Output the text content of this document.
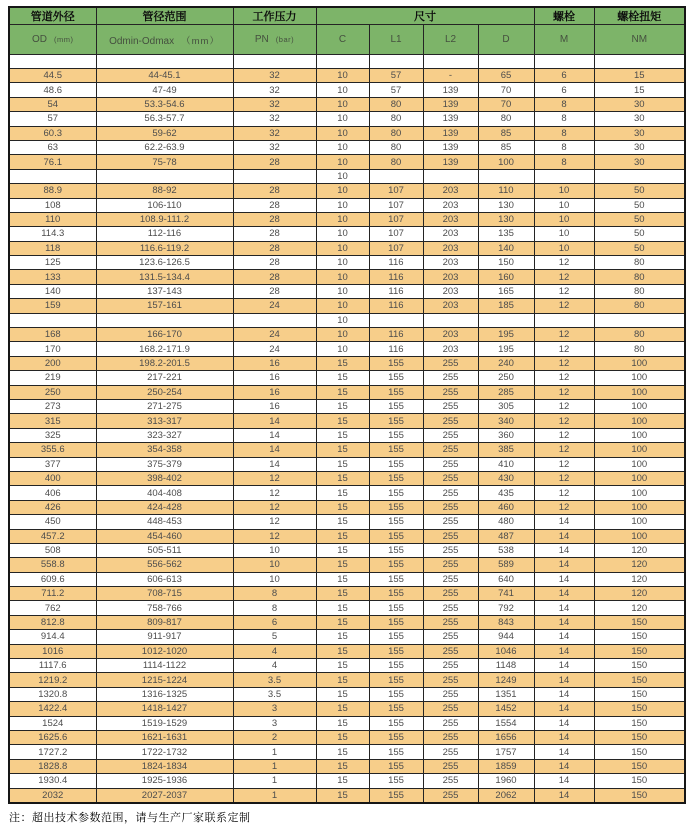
管道外径	管径范围	工作压力	尺寸				螺栓	螺栓扭矩
OD (mm)	Odmin-Odmax （mm）	PN (bar)	C	L1	L2	D	M	NM

44.5	44-45.1	32	10	57	-	65	6	15
48.6	47-49	32	10	57	139	70	6	15
54	53.3-54.6	32	10	80	139	70	8	30
57	56.3-57.7	32	10	80	139	80	8	30
60.3	59-62	32	10	80	139	85	8	30
63	62.2-63.9	32	10	80	139	85	8	30
76.1	75-78	28	10	80	139	100	8	30
			10					
88.9	88-92	28	10	107	203	110	10	50
108	106-110	28	10	107	203	130	10	50
110	108.9-111.2	28	10	107	203	130	10	50
114.3	112-116	28	10	107	203	135	10	50
118	116.6-119.2	28	10	107	203	140	10	50
125	123.6-126.5	28	10	116	203	150	12	80
133	131.5-134.4	28	10	116	203	160	12	80
140	137-143	28	10	116	203	165	12	80
159	157-161	24	10	116	203	185	12	80
			10					
168	166-170	24	10	116	203	195	12	80
170	168.2-171.9	24	10	116	203	195	12	80
200	198.2-201.5	16	15	155	255	240	12	100
219	217-221	16	15	155	255	250	12	100
250	250-254	16	15	155	255	285	12	100
273	271-275	16	15	155	255	305	12	100
315	313-317	14	15	155	255	340	12	100
325	323-327	14	15	155	255	360	12	100
355.6	354-358	14	15	155	255	385	12	100
377	375-379	14	15	155	255	410	12	100
400	398-402	12	15	155	255	430	12	100
406	404-408	12	15	155	255	435	12	100
426	424-428	12	15	155	255	460	12	100
450	448-453	12	15	155	255	480	14	100
457.2	454-460	12	15	155	255	487	14	100
508	505-511	10	15	155	255	538	14	120
558.8	556-562	10	15	155	255	589	14	120
609.6	606-613	10	15	155	255	640	14	120
711.2	708-715	8	15	155	255	741	14	120
762	758-766	8	15	155	255	792	14	120
812.8	809-817	6	15	155	255	843	14	150
914.4	911-917	5	15	155	255	944	14	150
1016	1012-1020	4	15	155	255	1046	14	150
1117.6	1114-1122	4	15	155	255	1148	14	150
1219.2	1215-1224	3.5	15	155	255	1249	14	150
1320.8	1316-1325	3.5	15	155	255	1351	14	150
1422.4	1418-1427	3	15	155	255	1452	14	150
1524	1519-1529	3	15	155	255	1554	14	150
1625.6	1621-1631	2	15	155	255	1656	14	150
1727.2	1722-1732	1	15	155	255	1757	14	150
1828.8	1824-1834	1	15	155	255	1859	14	150
1930.4	1925-1936	1	15	155	255	1960	14	150
2032	2027-2037	1	15	155	255	2062	14	150
注：超出技术参数范围，请与生产厂家联系定制
